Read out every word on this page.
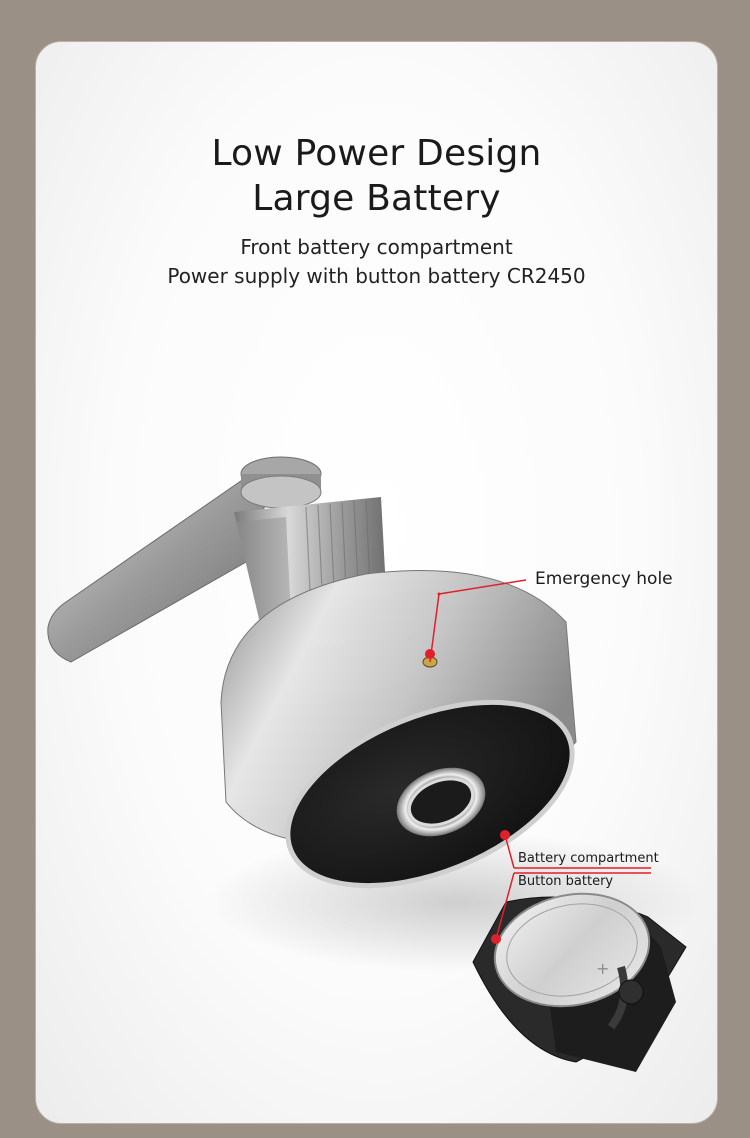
Low Power Design
Large Battery
Front battery compartment
Power supply with button battery CR2450
+
Emergency hole
Battery compartment
Button battery
